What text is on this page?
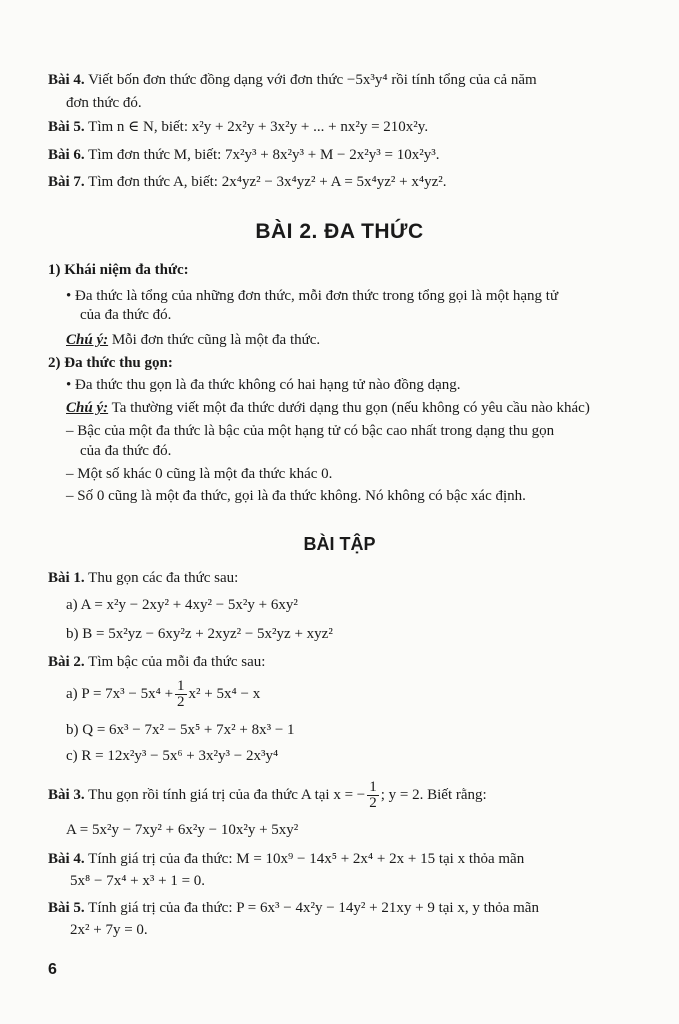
Bài 4. Viết bốn đơn thức đồng dạng với đơn thức −5x³y⁴ rồi tính tổng của cả năm
đơn thức đó.
Bài 5. Tìm n ∈ N, biết: x²y + 2x²y + 3x²y + ... + nx²y = 210x²y.
Bài 6. Tìm đơn thức M, biết: 7x²y³ + 8x²y³ + M − 2x²y³ = 10x²y³.
Bài 7. Tìm đơn thức A, biết: 2x⁴yz² − 3x⁴yz² + A = 5x⁴yz² + x⁴yz².
BÀI 2. ĐA THỨC
1) Khái niệm đa thức:
• Đa thức là tổng của những đơn thức, mỗi đơn thức trong tổng gọi là một hạng tử
của đa thức đó.
Chú ý: Mỗi đơn thức cũng là một đa thức.
2) Đa thức thu gọn:
• Đa thức thu gọn là đa thức không có hai hạng tử nào đồng dạng.
Chú ý: Ta thường viết một đa thức dưới dạng thu gọn (nếu không có yêu cầu nào khác)
– Bậc của một đa thức là bậc của một hạng tử có bậc cao nhất trong dạng thu gọn
của đa thức đó.
– Một số khác 0 cũng là một đa thức khác 0.
– Số 0 cũng là một đa thức, gọi là đa thức không. Nó không có bậc xác định.
BÀI TẬP
Bài 1. Thu gọn các đa thức sau:
a) A = x²y − 2xy² + 4xy² − 5x²y + 6xy²
b) B = 5x²yz − 6xy²z + 2xyz² − 5x²yz + xyz²
Bài 2. Tìm bậc của mỗi đa thức sau:
a) $P = 7x^3 - 5x^4 + \frac{1}{2} x^2 + 5x^4 - x$
b) Q = 6x³ − 7x² − 5x⁵ + 7x² + 8x³ − 1
c) R = 12x²y³ − 5x⁶ + 3x²y³ − 2x³y⁴
Bài 3. Thu gọn rồi tính giá trị của đa thức A tại x = − $\frac{1}{2}$ ; y = 2. Biết rằng:
A = 5x²y − 7xy² + 6x²y − 10x²y + 5xy²
Bài 4. Tính giá trị của đa thức: M = 10x⁹ − 14x⁵ + 2x⁴ + 2x + 15 tại x thỏa mãn
5x⁸ − 7x⁴ + x³ + 1 = 0.
Bài 5. Tính giá trị của đa thức: P = 6x³ − 4x²y − 14y² + 21xy + 9 tại x, y thỏa mãn
2x² + 7y = 0.
6
